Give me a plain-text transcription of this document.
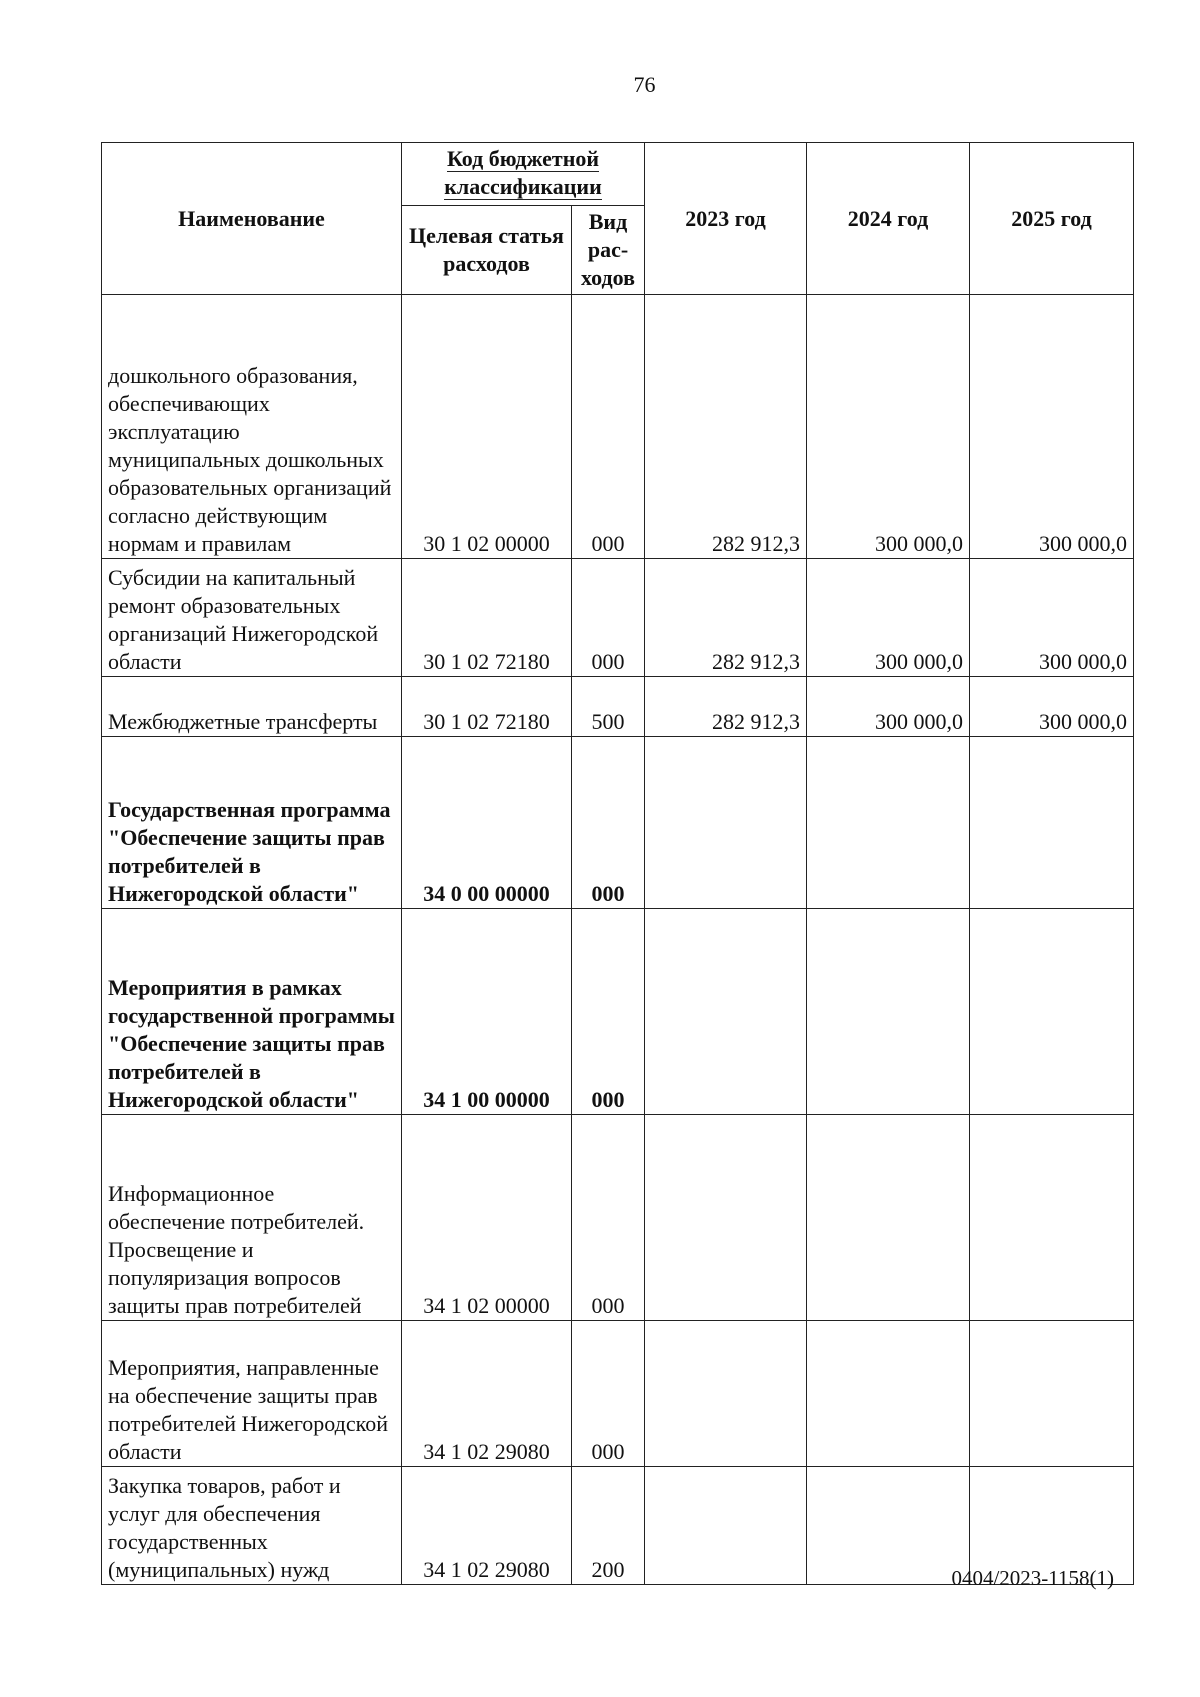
76
Наименование	Код бюджетной классификации		2023 год	2024 год	2025 год
	Целевая статья расходов	Вид рас-ходов			
дошкольного образования, обеспечивающих эксплуатацию муниципальных дошкольных образовательных организаций согласно действующим нормам и правилам	30 1 02 00000	000	282 912,3	300 000,0	300 000,0
Субсидии на капитальный ремонт образовательных организаций Нижегородской области	30 1 02 72180	000	282 912,3	300 000,0	300 000,0
Межбюджетные трансферты	30 1 02 72180	500	282 912,3	300 000,0	300 000,0
Государственная программа "Обеспечение защиты прав потребителей в Нижегородской области"	34 0 00 00000	000			
Мероприятия в рамках государственной программы "Обеспечение защиты прав потребителей в Нижегородской области"	34 1 00 00000	000			
Информационное обеспечение потребителей. Просвещение и популяризация вопросов защиты прав потребителей	34 1 02 00000	000			
Мероприятия, направленные на обеспечение защиты прав потребителей Нижегородской области	34 1 02 29080	000			
Закупка товаров, работ и услуг для обеспечения государственных (муниципальных) нужд	34 1 02 29080	200				0404/2023-1158(1)
